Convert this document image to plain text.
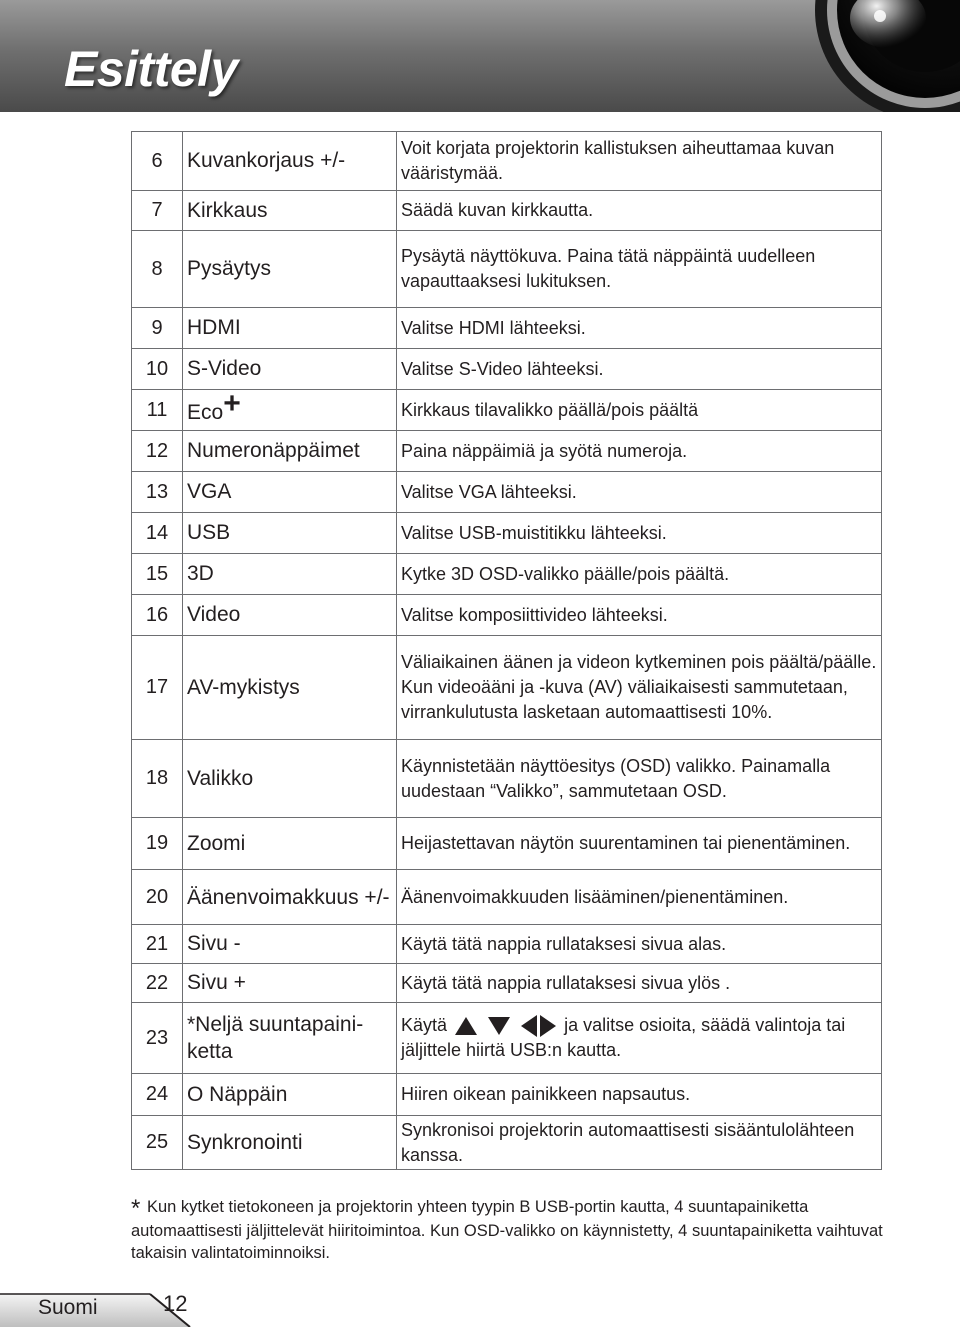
Esittely
6	Kuvankorjaus +/-	Voit korjata projektorin kallistuksen aiheuttamaa kuvan vääristymää.
7	Kirkkaus	Säädä kuvan kirkkautta.
8	Pysäytys	Pysäytä näyttökuva. Paina tätä näppäintä uudelleen vapauttaaksesi lukituksen.
9	HDMI	Valitse HDMI lähteeksi.
10	S-Video	Valitse S-Video lähteeksi.
11	Eco+	Kirkkaus tilavalikko päällä/pois päältä
12	Numeronäppäimet	Paina näppäimiä ja syötä numeroja.
13	VGA	Valitse VGA lähteeksi.
14	USB	Valitse USB-muistitikku lähteeksi.
15	3D	Kytke 3D OSD-valikko päälle/pois päältä.
16	Video	Valitse komposiittivideo lähteeksi.
17	AV-mykistys	Väliaikainen äänen ja videon kytkeminen pois päältä/päälle. Kun videoääni ja -kuva (AV) väliaikaisesti sammutetaan, virrankulutusta lasketaan automaattisesti 10%.
18	Valikko	Käynnistetään näyttöesitys (OSD) valikko. Painamalla uudestaan “Valikko”, sammutetaan OSD.
19	Zoomi	Heijastettavan näytön suurentaminen tai pienentäminen.
20	Äänenvoimakkuus +/-	Äänenvoimakkuuden lisääminen/pienentäminen.
21	Sivu -	Käytä tätä nappia rullataksesi sivua alas.
22	Sivu +	Käytä tätä nappia rullataksesi sivua ylös .
23	*Neljä suuntapaini-ketta	Käytä ja valitse osioita, säädä valintoja tai jäljittele hiirtä USB:n kautta.
24	O Näppäin	Hiiren oikean painikkeen napsautus.
25	Synkronointi	Synkronisoi projektorin automaattisesti sisääntulolähteen kanssa.
* Kun kytket tietokoneen ja projektorin yhteen tyypin B USB-portin kautta, 4 suuntapainiketta automaattisesti jäljittelevät hiiritoimintoa. Kun OSD-valikko on käynnistetty, 4 suuntapainiketta vaihtuvat takaisin valintatoiminnoiksi.
Suomi	12
